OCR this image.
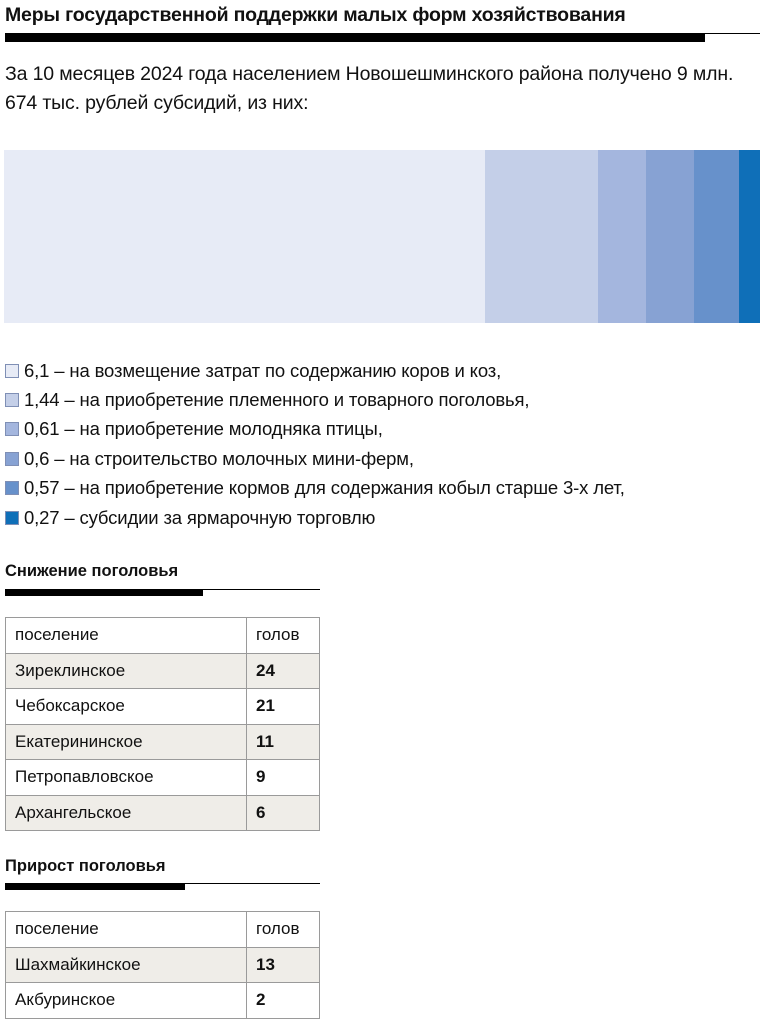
Меры государственной поддержки малых форм хозяйствования
За 10 месяцев 2024 года населением Новошешминского района получено 9 млн. 674 тыс. рублей субсидий, из них:
6,1 – на возмещение затрат по содержанию коров и коз,
1,44 – на приобретение племенного и товарного поголовья,
0,61 – на приобретение молодняка птицы,
0,6 – на строительство молочных мини-ферм,
0,57 – на приобретение кормов для содержания кобыл старше 3-х лет,
0,27 – субсидии за ярмарочную торговлю
Снижение поголовья
поселение	голов
Зиреклинское	24
Чебоксарское	21
Екатерининское	11
Петропавловское	9
Архангельское	6
Прирост поголовья
поселение	голов
Шахмайкинское	13
Акбуринское	2
